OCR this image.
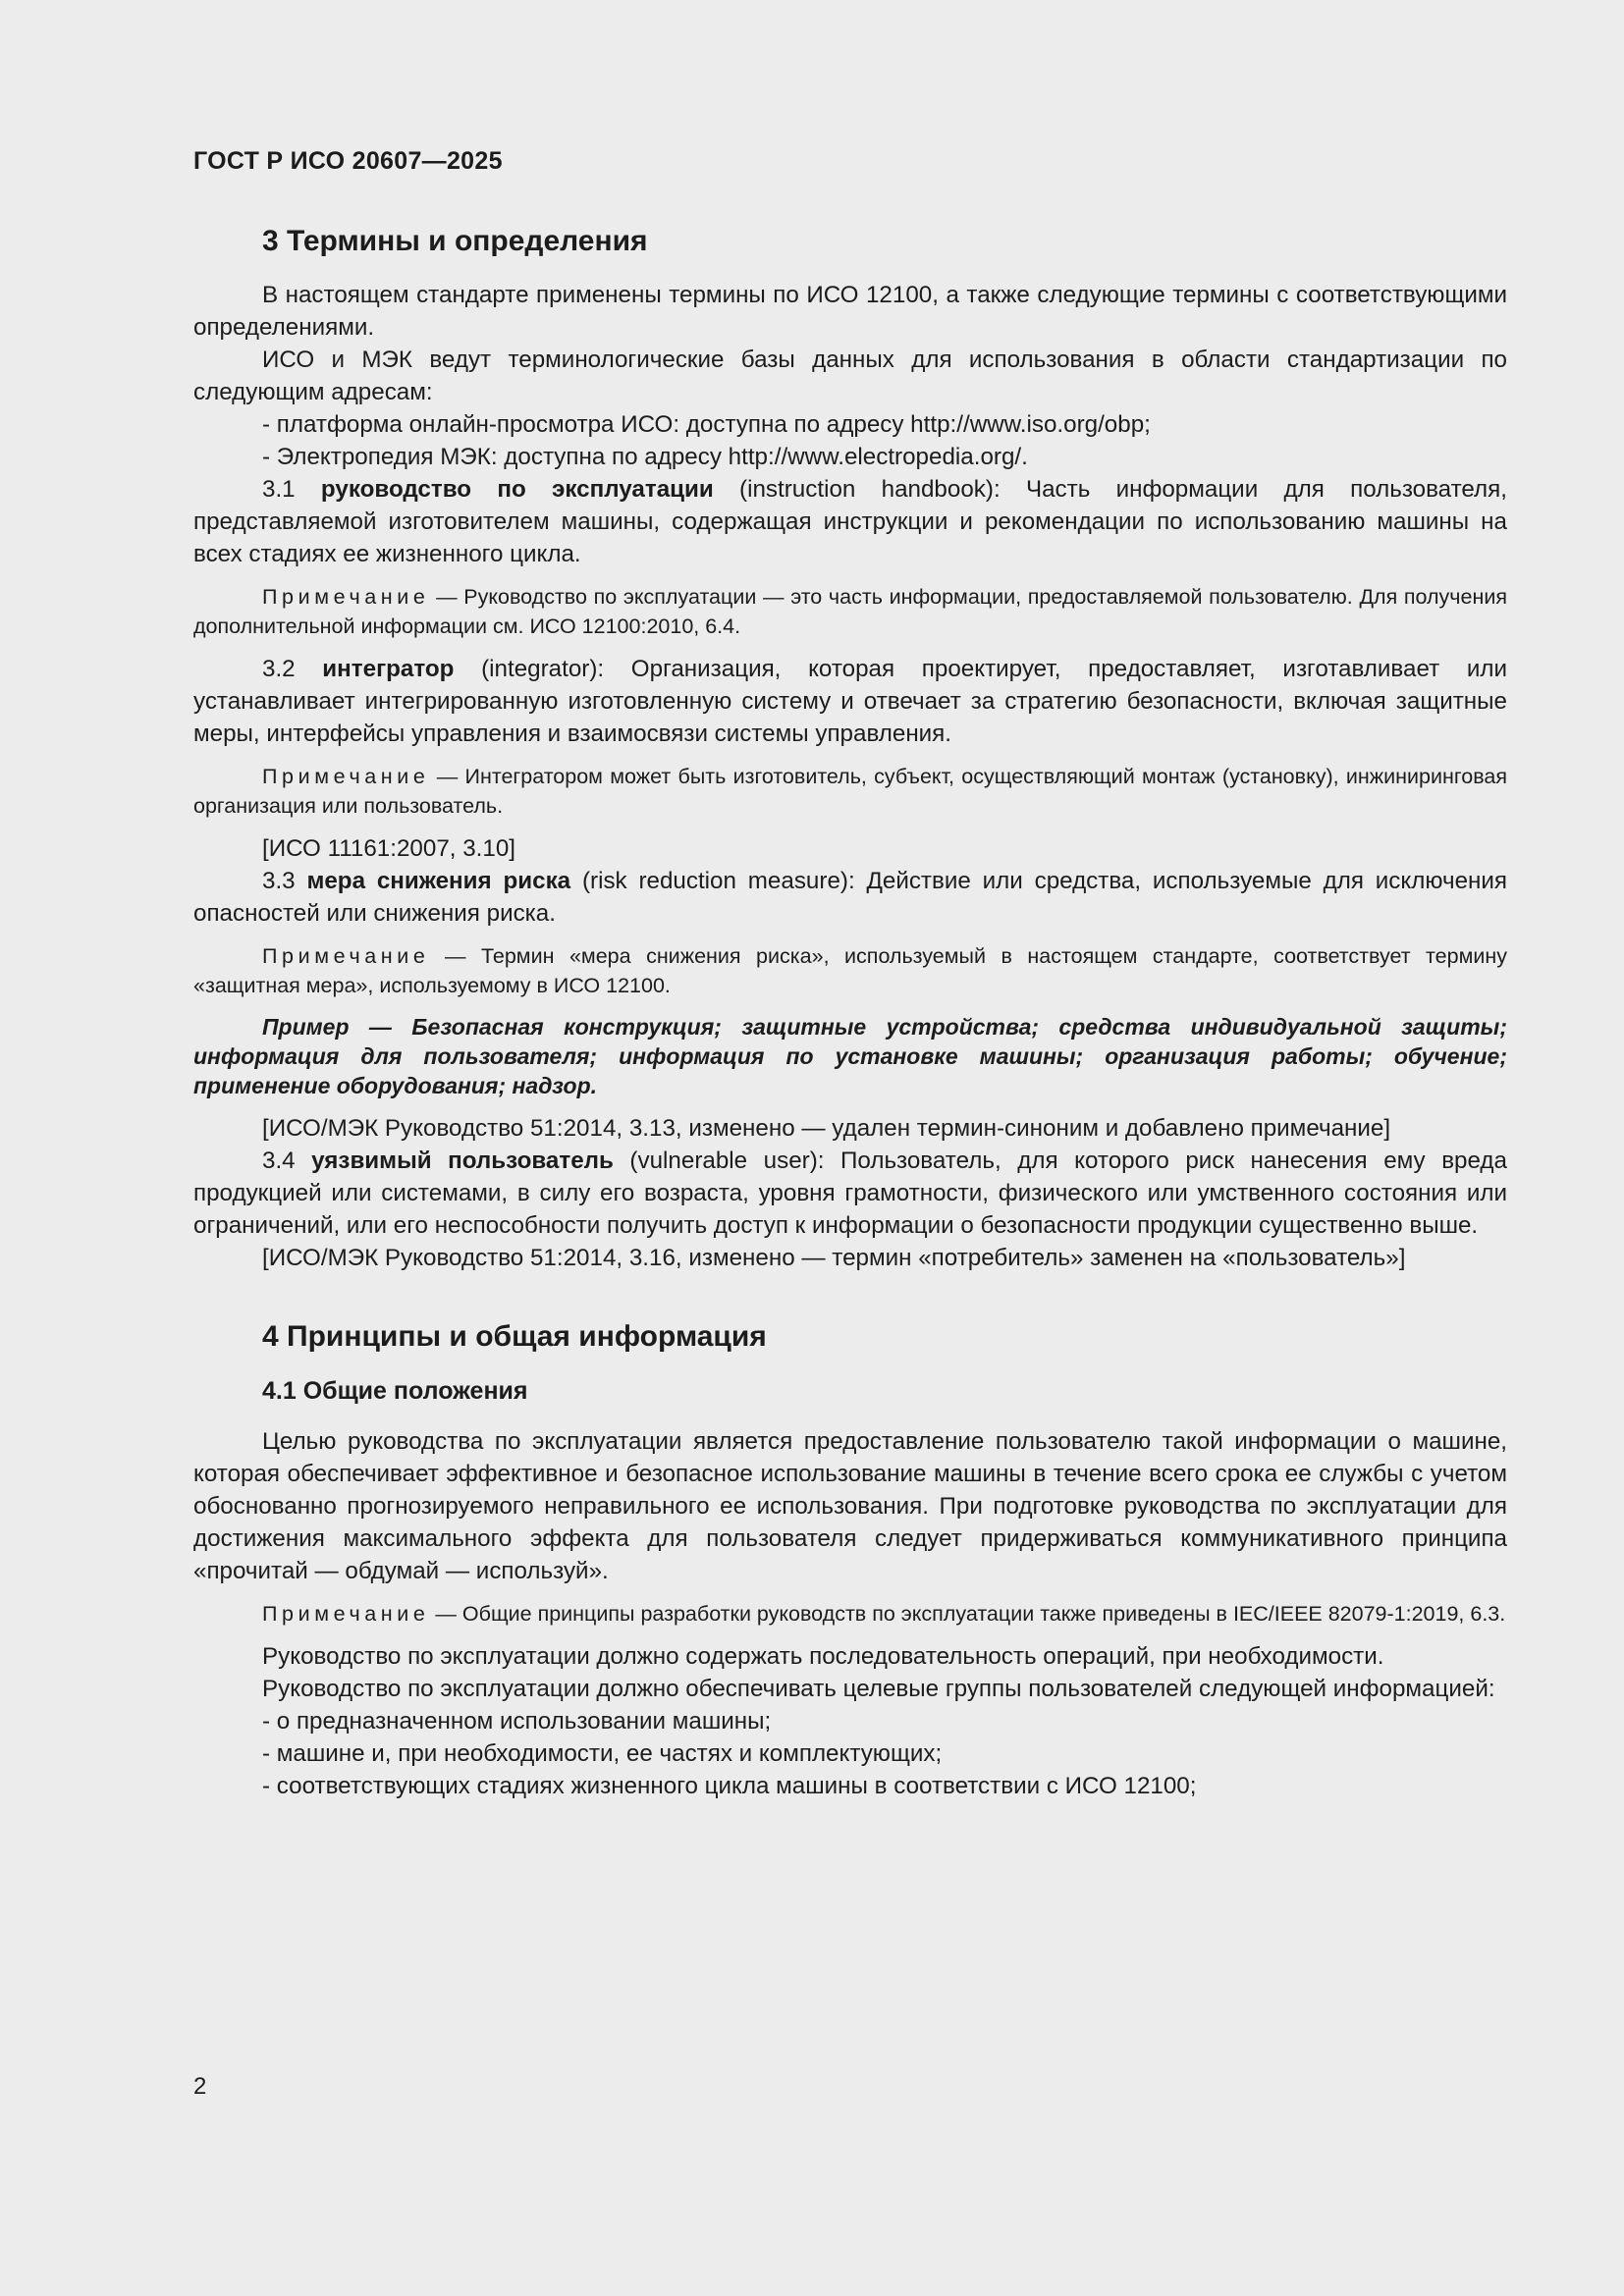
ГОСТ Р ИСО 20607—2025

3 Термины и определения

В настоящем стандарте применены термины по ИСО 12100, а также следующие термины с соответствующими определениями.

ИСО и МЭК ведут терминологические базы данных для использования в области стандартизации по следующим адресам:

- платформа онлайн-просмотра ИСО: доступна по адресу http://www.iso.org/obp;

- Электропедия МЭК: доступна по адресу http://www.electropedia.org/.

3.1 руководство по эксплуатации (instruction handbook): Часть информации для пользователя, представляемой изготовителем машины, содержащая инструкции и рекомендации по использованию машины на всех стадиях ее жизненного цикла.

Примечание — Руководство по эксплуатации — это часть информации, предоставляемой пользователю. Для получения дополнительной информации см. ИСО 12100:2010, 6.4.

3.2 интегратор (integrator): Организация, которая проектирует, предоставляет, изготавливает или устанавливает интегрированную изготовленную систему и отвечает за стратегию безопасности, включая защитные меры, интерфейсы управления и взаимосвязи системы управления.

Примечание — Интегратором может быть изготовитель, субъект, осуществляющий монтаж (установку), инжиниринговая организация или пользователь.

[ИСО 11161:2007, 3.10]

3.3 мера снижения риска (risk reduction measure): Действие или средства, используемые для исключения опасностей или снижения риска.

Примечание — Термин «мера снижения риска», используемый в настоящем стандарте, соответствует термину «защитная мера», используемому в ИСО 12100.

Пример — Безопасная конструкция; защитные устройства; средства индивидуальной защиты; информация для пользователя; информация по установке машины; организация работы; обучение; применение оборудования; надзор.

[ИСО/МЭК Руководство 51:2014, 3.13, изменено — удален термин-синоним и добавлено примечание]

3.4 уязвимый пользователь (vulnerable user): Пользователь, для которого риск нанесения ему вреда продукцией или системами, в силу его возраста, уровня грамотности, физического или умственного состояния или ограничений, или его неспособности получить доступ к информации о безопасности продукции существенно выше.

[ИСО/МЭК Руководство 51:2014, 3.16, изменено — термин «потребитель» заменен на «пользователь»]

4 Принципы и общая информация

4.1 Общие положения

Целью руководства по эксплуатации является предоставление пользователю такой информации о машине, которая обеспечивает эффективное и безопасное использование машины в течение всего срока ее службы с учетом обоснованно прогнозируемого неправильного ее использования. При подготовке руководства по эксплуатации для достижения максимального эффекта для пользователя следует придерживаться коммуникативного принципа «прочитай — обдумай — используй».

Примечание — Общие принципы разработки руководств по эксплуатации также приведены в IEC/IEEE 82079-1:2019, 6.3.

Руководство по эксплуатации должно содержать последовательность операций, при необходимости.

Руководство по эксплуатации должно обеспечивать целевые группы пользователей следующей информацией:

- о предназначенном использовании машины;

- машине и, при необходимости, ее частях и комплектующих;

- соответствующих стадиях жизненного цикла машины в соответствии с ИСО 12100;

2
